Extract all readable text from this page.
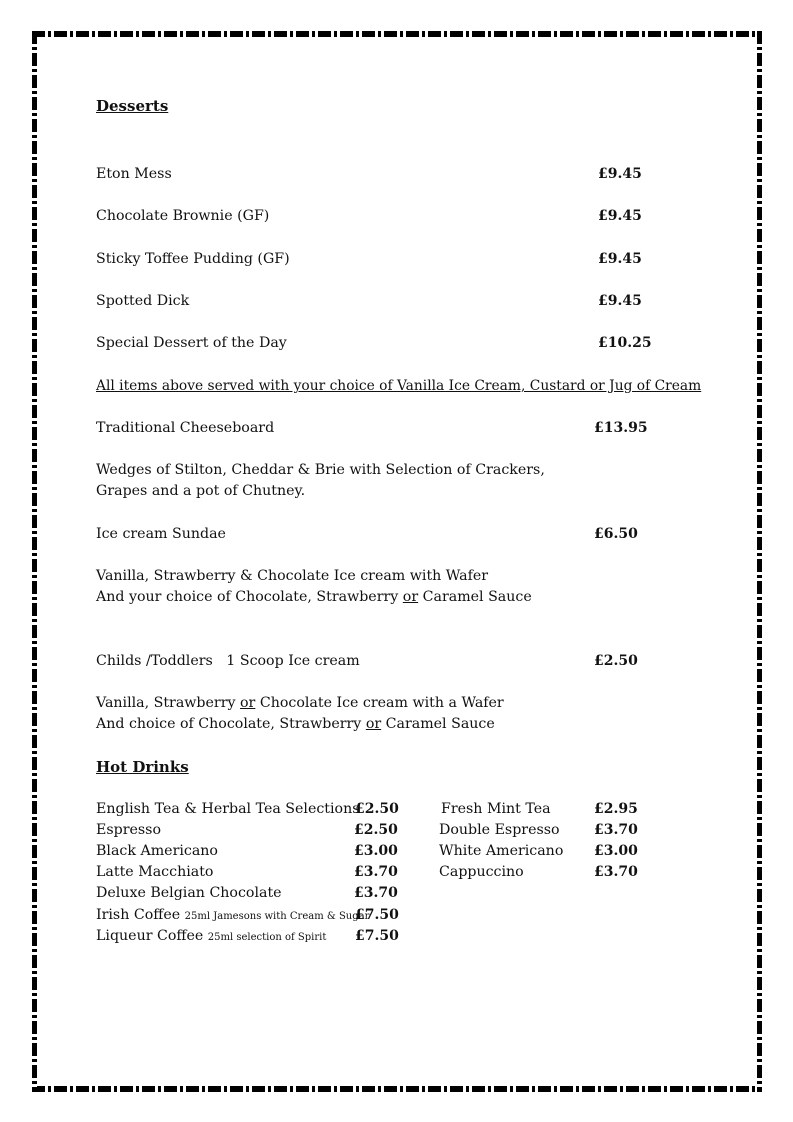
Desserts
Eton Mess	£9.45
Chocolate Brownie (GF)	£9.45
Sticky Toffee Pudding (GF)	£9.45
Spotted Dick	£9.45
Special Dessert of the Day	£10.25
All items above served with your choice of Vanilla Ice Cream, Custard or Jug of Cream
Traditional Cheeseboard	£13.95
Wedges of Stilton, Cheddar & Brie with Selection of Crackers,
Grapes and a pot of Chutney.
Ice cream Sundae	£6.50
Vanilla, Strawberry & Chocolate Ice cream with Wafer
And your choice of Chocolate, Strawberry or Caramel Sauce
Childs /Toddlers   1 Scoop Ice cream	£2.50
Vanilla, Strawberry or Chocolate Ice cream with a Wafer
And choice of Chocolate, Strawberry or Caramel Sauce
Hot Drinks
English Tea & Herbal Tea Selections
£2.50
Espresso	£2.50
Black Americano	£3.00
Latte Macchiato	£3.70
Deluxe Belgian Chocolate	£3.70
Irish Coffee 25ml Jamesons with Cream & Sugar
£7.50
Liqueur Coffee 25ml selection of Spirit £7.50
Fresh Mint Tea	£2.95
Double Espresso £3.70
White Americano £3.00
Cappuccino	£3.70
